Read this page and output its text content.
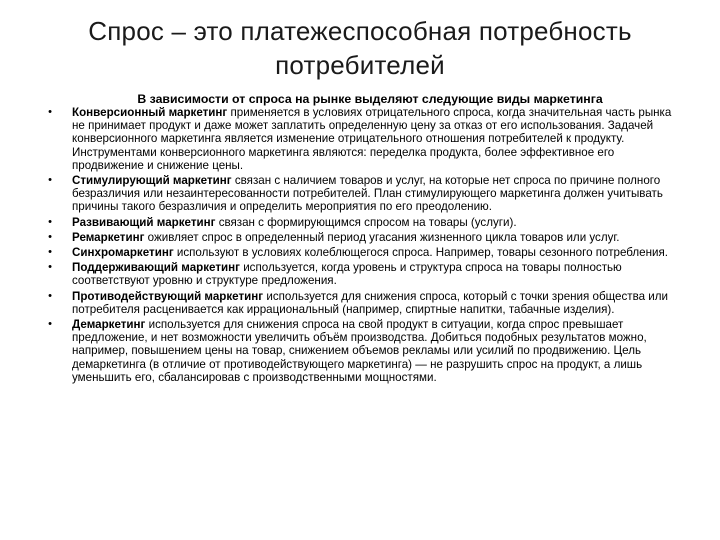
Спрос – это платежеспособная потребность потребителей
В зависимости от спроса на рынке выделяют следующие виды маркетинга
•	Конверсионный маркетинг применяется в условиях отрицательного спроса, когда значительная часть рынка не принимает продукт и даже может заплатить определенную цену за отказ от его использования. Задачей конверсионного маркетинга является изменение отрицательного отношения потребителей к продукту. Инструментами конверсионного маркетинга являются: переделка продукта, более эффективное его продвижение и снижение цены.
•	Стимулирующий маркетинг связан с наличием товаров и услуг, на которые нет спроса по причине полного безразличия или незаинтересованности потребителей. План стимулирующего маркетинга должен учитывать причины такого безразличия и определить мероприятия по его преодолению.
•	Развивающий маркетинг связан с формирующимся спросом на товары (услуги).
•	Ремаркетинг оживляет спрос в определенный период угасания жизненного цикла товаров или услуг.
•	Синхромаркетинг используют в условиях колеблющегося спроса. Например, товары сезонного потребления.
•	Поддерживающий маркетинг используется, когда уровень и структура спроса на товары полностью соответствуют уровню и структуре предложения.
•	Противодействующий маркетинг используется для снижения спроса, который с точки зрения общества или потребителя расценивается как иррациональный (например, спиртные напитки, табачные изделия).
•	Демаркетинг используется для снижения спроса на свой продукт в ситуации, когда спрос превышает предложение, и нет возможности увеличить объём производства. Добиться подобных результатов можно, например, повышением цены на товар, снижением объемов рекламы или усилий по продвижению. Цель демаркетинга (в отличие от противодействующего маркетинга) — не разрушить спрос на продукт, а лишь уменьшить его, сбалансировав с производственными мощностями.
